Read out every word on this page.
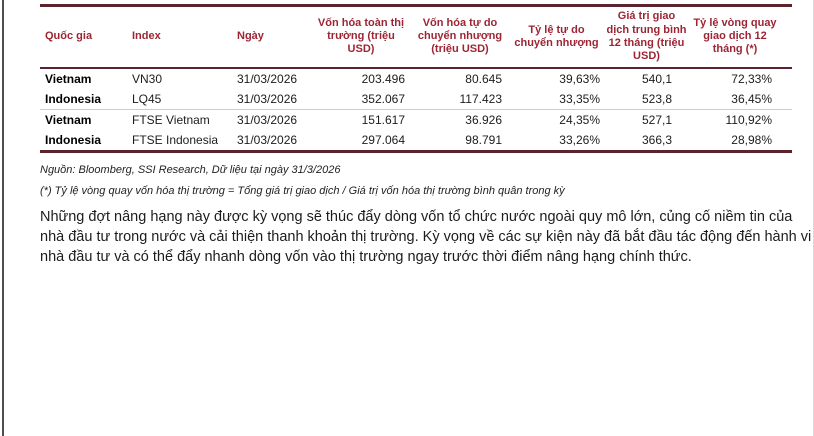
Quốc gia	Index	Ngày	Vốn hóa toàn thị trường (triệu USD)	Vốn hóa tự do chuyển nhượng (triệu USD)	Tỷ lệ tự do chuyển nhượng	Giá trị giao dịch trung bình 12 tháng (triệu USD)	Tỷ lệ vòng quay giao dịch 12 tháng (*)
Vietnam	VN30	31/03/2026	203.496	80.645	39,63%	540,1	72,33%
Indonesia	LQ45	31/03/2026	352.067	117.423	33,35%	523,8	36,45%
Vietnam	FTSE Vietnam	31/03/2026	151.617	36.926	24,35%	527,1	110,92%
Indonesia	FTSE Indonesia	31/03/2026	297.064	98.791	33,26%	366,3	28,98%
Nguồn: Bloomberg, SSI Research, Dữ liệu tại ngày 31/3/2026
(*) Tỷ lệ vòng quay vốn hóa thị trường = Tổng giá trị giao dịch / Giá trị vốn hóa thị trường bình quân trong kỳ
Những đợt nâng hạng này được kỳ vọng sẽ thúc đẩy dòng vốn tổ chức nước ngoài quy mô lớn, củng cố niềm tin của
nhà đầu tư trong nước và cải thiện thanh khoản thị trường. Kỳ vọng về các sự kiện này đã bắt đầu tác động đến hành vi
nhà đầu tư và có thể đẩy nhanh dòng vốn vào thị trường ngay trước thời điểm nâng hạng chính thức.
